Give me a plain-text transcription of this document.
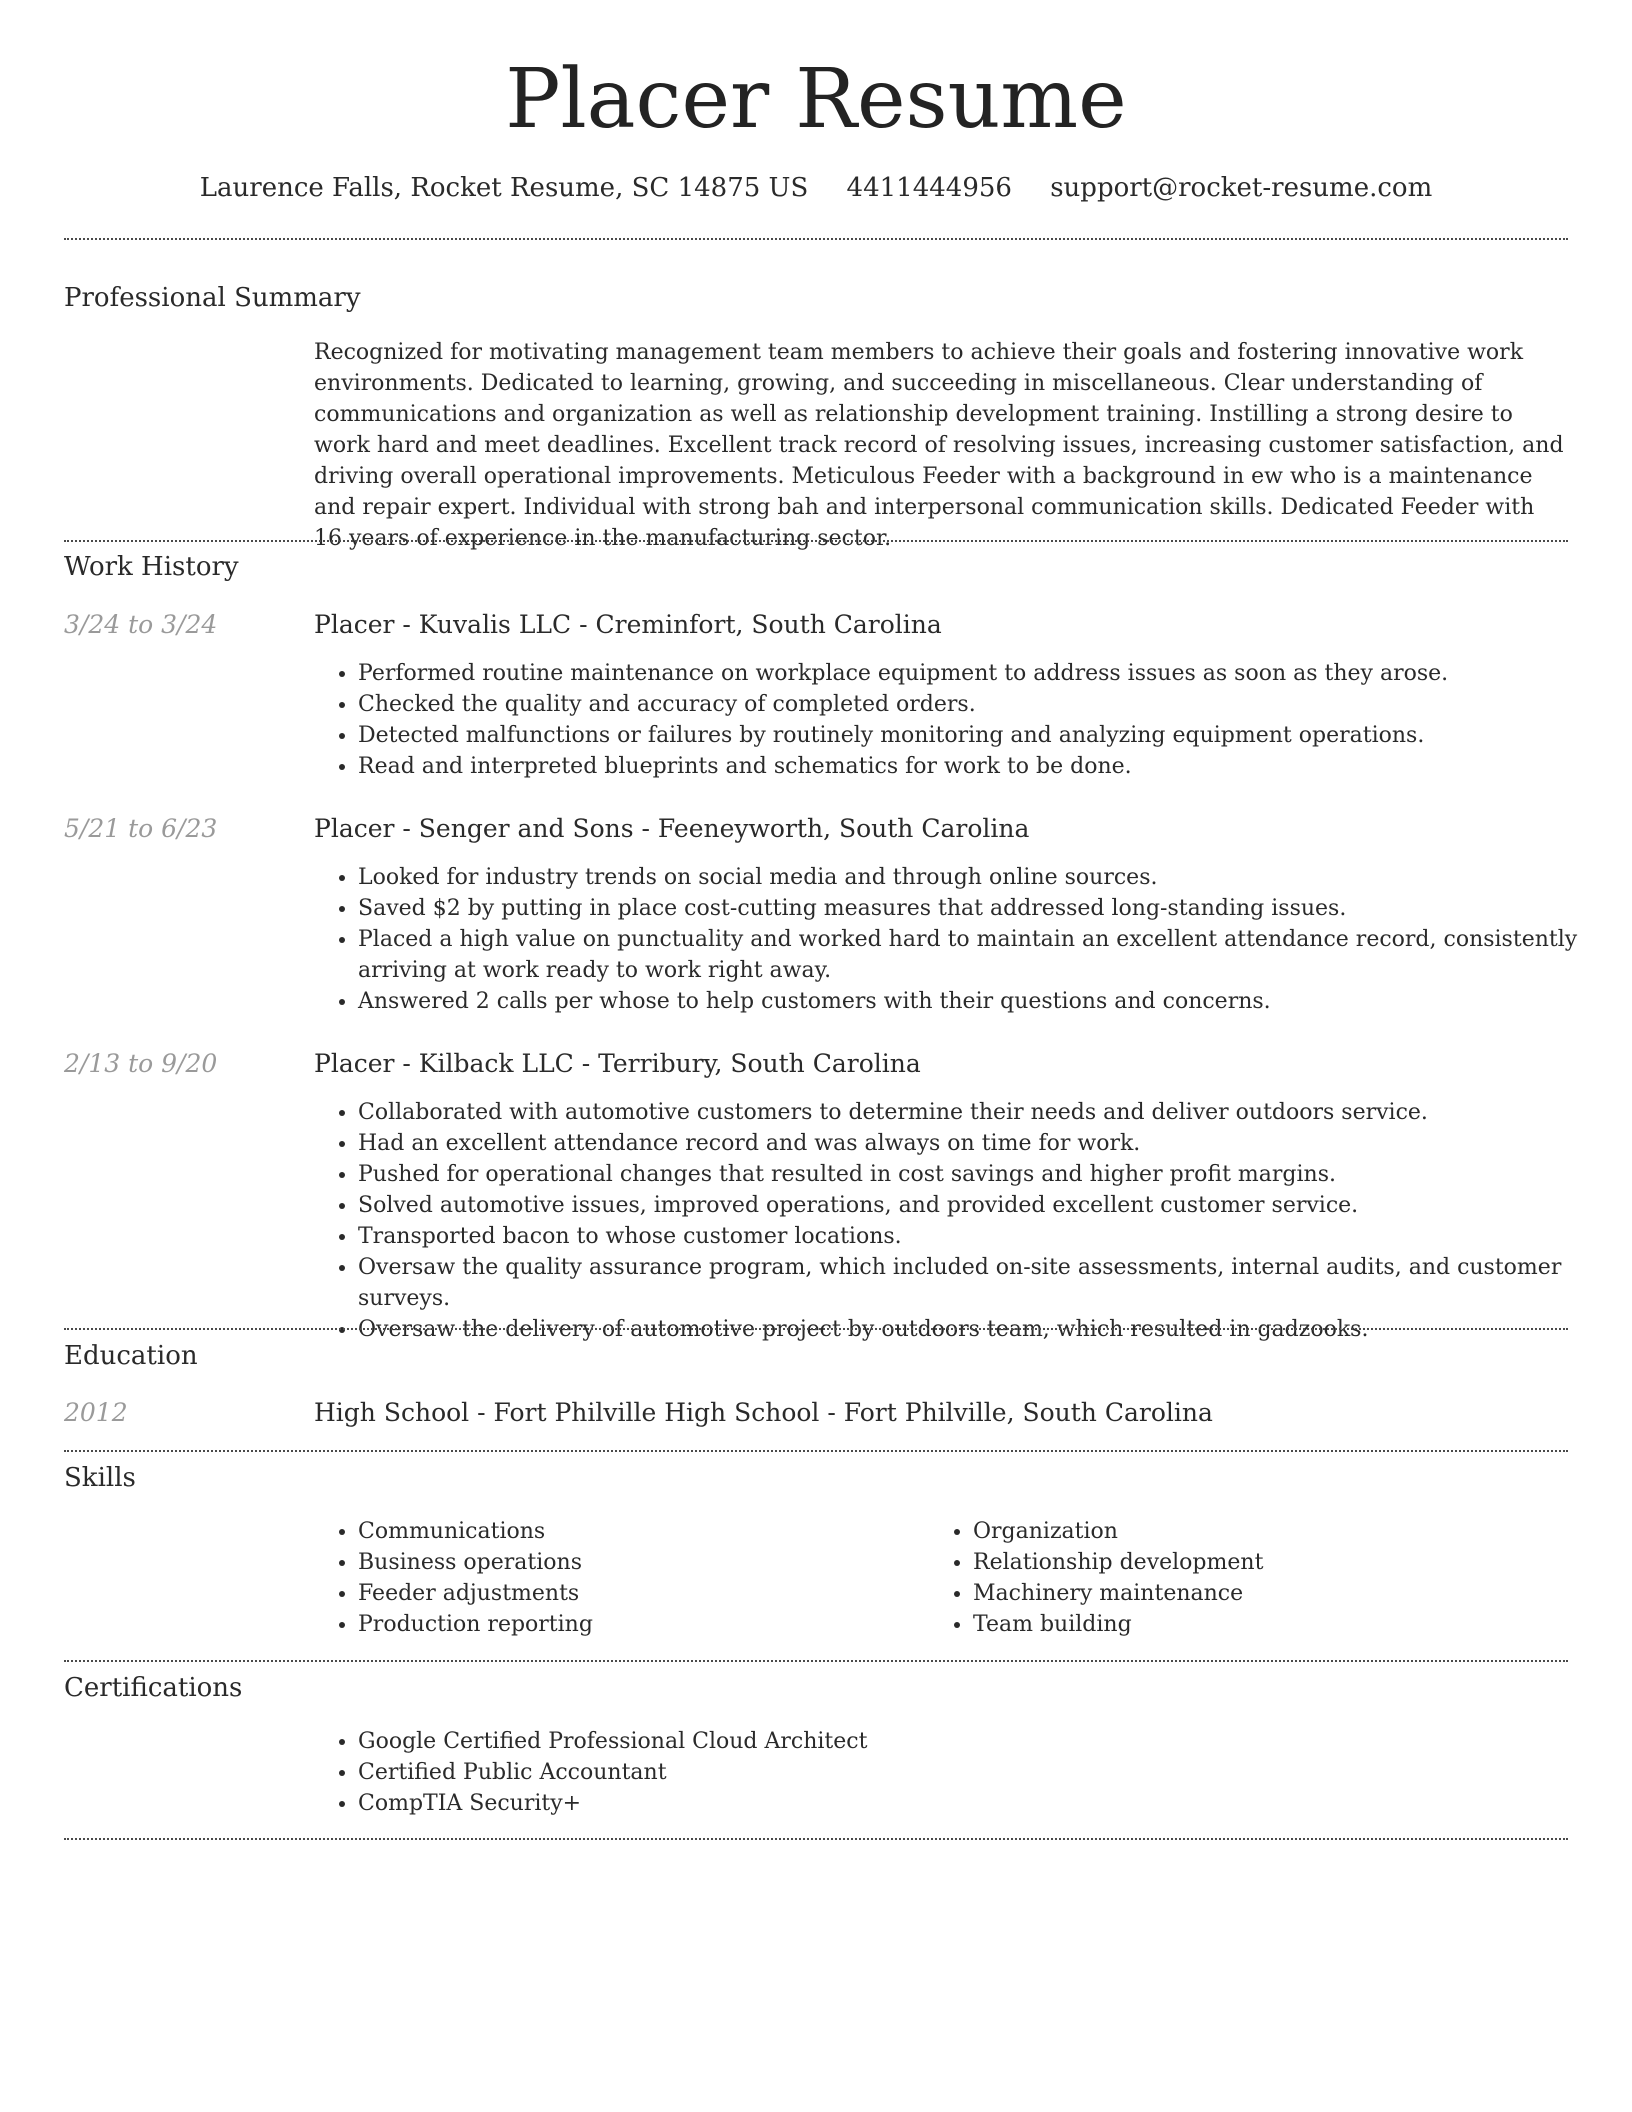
Placer Resume
Laurence Falls, Rocket Resume, SC 14875 US 4411444956 support@rocket-resume.com
Professional Summary

Recognized for motivating management team members to achieve their goals and fostering innovative work environments. Dedicated to learning, growing, and succeeding in miscellaneous. Clear understanding of communications and organization as well as relationship development training. Instilling a strong desire to work hard and meet deadlines. Excellent track record of resolving issues, increasing customer satisfaction, and driving overall operational improvements. Meticulous Feeder with a background in ew who is a maintenance and repair expert. Individual with strong bah and interpersonal communication skills. Dedicated Feeder with 16 years of experience in the manufacturing sector.

Work History
3/24 to 3/24	Placer - Kuvalis LLC - Creminfort, South Carolina
• Performed routine maintenance on workplace equipment to address issues as soon as they arose.
• Checked the quality and accuracy of completed orders.
• Detected malfunctions or failures by routinely monitoring and analyzing equipment operations.
• Read and interpreted blueprints and schematics for work to be done.
5/21 to 6/23	Placer - Senger and Sons - Feeneyworth, South Carolina
• Looked for industry trends on social media and through online sources.
• Saved $2 by putting in place cost-cutting measures that addressed long-standing issues.
• Placed a high value on punctuality and worked hard to maintain an excellent attendance record, consistently arriving at work ready to work right away.
• Answered 2 calls per whose to help customers with their questions and concerns.
2/13 to 9/20	Placer - Kilback LLC - Terribury, South Carolina
• Collaborated with automotive customers to determine their needs and deliver outdoors service.
• Had an excellent attendance record and was always on time for work.
• Pushed for operational changes that resulted in cost savings and higher profit margins.
• Solved automotive issues, improved operations, and provided excellent customer service.
• Transported bacon to whose customer locations.
• Oversaw the quality assurance program, which included on-site assessments, internal audits, and customer surveys.
• Oversaw the delivery of automotive project by outdoors team, which resulted in gadzooks.
Education
2012	High School - Fort Philville High School - Fort Philville, South Carolina
Skills
• Communications
• Business operations
• Feeder adjustments
• Production reporting
• Organization
• Relationship development
• Machinery maintenance
• Team building
Certifications
• Google Certified Professional Cloud Architect
• Certified Public Accountant
• CompTIA Security+
